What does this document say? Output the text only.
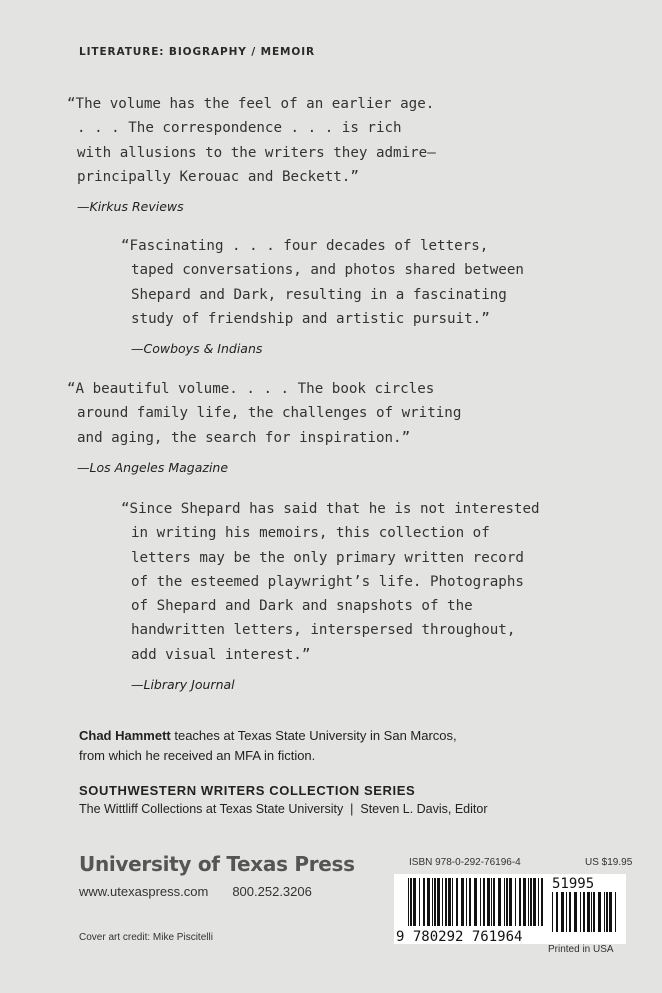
LITERATURE: BIOGRAPHY / MEMOIR
“The volume has the feel of an earlier age.
. . . The correspondence . . . is rich
with allusions to the writers they admire—
principally Kerouac and Beckett.”
—Kirkus Reviews
“Fascinating . . . four decades of letters,
taped conversations, and photos shared between
Shepard and Dark, resulting in a fascinating
study of friendship and artistic pursuit.”
—Cowboys & Indians
“A beautiful volume. . . . The book circles
around family life, the challenges of writing
and aging, the search for inspiration.”
—Los Angeles Magazine
“Since Shepard has said that he is not interested
in writing his memoirs, this collection of
letters may be the only primary written record
of the esteemed playwright’s life. Photographs
of Shepard and Dark and snapshots of the
handwritten letters, interspersed throughout,
add visual interest.”
—Library Journal
Chad Hammett teaches at Texas State University in San Marcos,
from which he received an MFA in fiction.
SOUTHWESTERN WRITERS COLLECTION SERIES
The Wittliff Collections at Texas State University  |  Steven L. Davis, Editor
University of Texas Press
www.utexaspress.com 800.252.3206
Cover art credit: Mike Piscitelli
ISBN 978-0-292-76196-4	US $19.95
9 780292 761964
51995
Printed in USA
